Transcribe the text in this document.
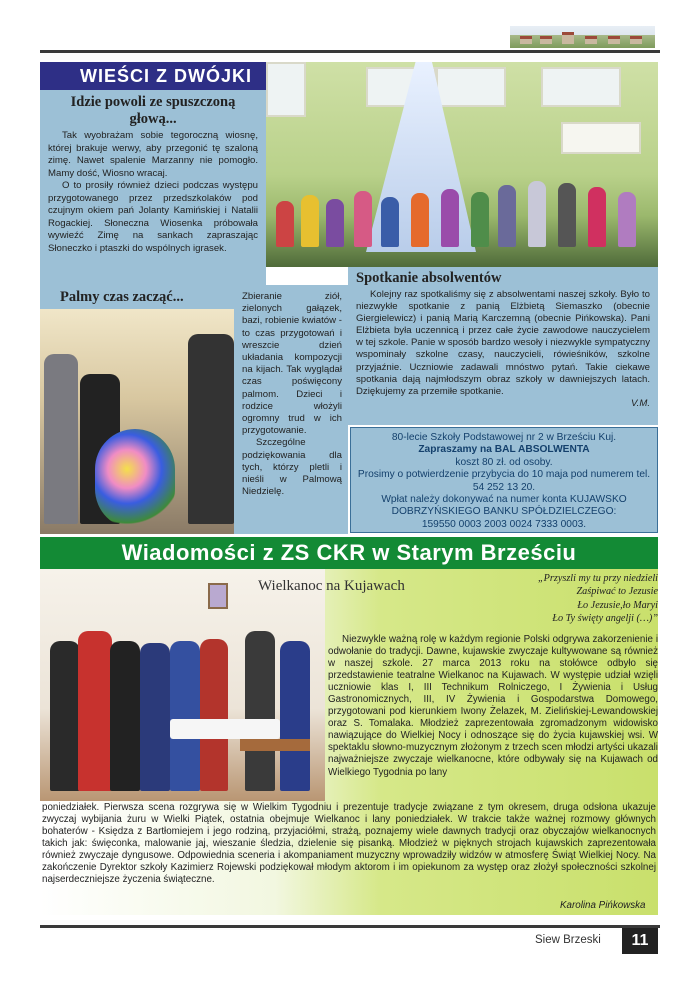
WIEŚCI Z DWÓJKI
Idzie powoli ze spuszczoną głową...

Tak wyobrażam sobie tegoroczną wiosnę, której brakuje werwy, aby przegonić tę szaloną zimę. Nawet spalenie Marzanny nie pomogło. Mamy dość, Wiosno wracaj.

O to prosiły również dzieci podczas występu przygotowanego przez przedszkolaków pod czujnym okiem pań Jolanty Kamińskiej i Natalii Rogackiej. Słoneczna Wiosenka próbowała wywieźć Zimę na sankach zapraszając Słoneczko i ptaszki do wspólnych igrasek.

Palmy czas zacząć...	Zbieranie ziół, zielonych gałązek, bazi, robienie kwiatów - to czas przygotowań i wreszcie dzień układania kompozycji na kijach. Tak wyglądał czas poświęcony palmom. Dzieci i rodzice włożyli ogromny trud w ich przygotowanie.

Szczególne podziękowania dla tych, którzy pletli i nieśli w Palmową Niedzielę.

Spotkanie absolwentów

Kolejny raz spotkaliśmy się z absolwentami naszej szkoły. Było to niezwykłe spotkanie z panią Elżbietą Siemaszko (obecnie Giergielewicz) i panią Marią Karczemną (obecnie Pińkowska). Pani Elżbieta była uczennicą i przez całe życie zawodowe nauczycielem w tej szkole. Panie w sposób bardzo wesoły i niezwykle sympatyczny wspominały szkolne czasy, nauczycieli, rówieśników, szkolne przyjaźnie. Uczniowie zadawali mnóstwo pytań. Takie ciekawe spotkania dają najmłodszym obraz szkoły w dawniejszych latach. Dziękujemy za przemiłe spotkanie.

V.M.
80-lecie Szkoły Podstawowej nr 2 w Brześciu Kuj.
Zapraszamy na BAL ABSOLWENTA
koszt 80 zł. od osoby.
Prosimy o potwierdzenie przybycia do 10 maja pod numerem tel. 54 252 13 20.
Wpłat należy dokonywać na numer konta KUJAWSKO DOBRZYŃSKIEGO BANKU SPÓŁDZIELCZEGO:
159550 0003 2003 0024 7333 0003.
Wiadomości z ZS CKR w Starym Brześciu
Wielkanoc na Kujawach	„Przyszli my tu przy niedzieli
Zaśpiwać to Jezusie
Ło Jezusie,ło Maryi
Ło Ty święty angelji (…)”

Niezwykle ważną rolę w każdym regionie Polski odgrywa zakorzenienie i odwołanie do tradycji. Dawne, kujawskie zwyczaje kultywowane są również w naszej szkole. 27 marca 2013 roku na stołówce odbyło się przedstawienie teatralne Wielkanoc na Kujawach. W występie udział wzięli uczniowie klas I, III Technikum Rolniczego, I Żywienia i Usług Gastronomicznych, III, IV Żywienia i Gospodarstwa Domowego, przygotowani pod kierunkiem Iwony Żelazek, M. Zielińskiej-Lewandowskiej oraz S. Tomalaka. Młodzież zaprezentowała zgromadzonym widowisko nawiązujące do Wielkiej Nocy i odnoszące się do życia kujawskiej wsi. W spektaklu słowno-muzycznym złożonym z trzech scen młodzi artyści ukazali najważniejsze zwyczaje wielkanocne, które odbywały się na Kujawach od Wielkiego Tygodnia po lany

poniedziałek. Pierwsza scena rozgrywa się w Wielkim Tygodniu i prezentuje tradycje związane z tym okresem, druga odsłona ukazuje zwyczaj wybijania żuru w Wielki Piątek, ostatnia obejmuje Wielkanoc i lany poniedziałek. W trakcie także ważnej rozmowy głównych bohaterów - Księdza z Bartłomiejem i jego rodziną, przyjaciółmi, strażą, poznajemy wiele dawnych tradycji oraz obyczajów wielkanocnych takich jak: święconka, malowanie jaj, wieszanie śledzia, dzielenie się pisanką. Młodzież w pięknych strojach kujawskich zaprezentowała również zwyczaje dyngusowe. Odpowiednia sceneria i akompaniament muzyczny wprowadziły widzów w atmosferę Świąt Wielkiej Nocy. Na zakończenie Dyrektor szkoły Kazimierz Rojewski podziękował młodym aktorom i im opiekunom za występ oraz złożył społeczności szkolnej najserdeczniejsze życzenia świąteczne.

Karolina Pińkowska
Siew Brzeski	11
